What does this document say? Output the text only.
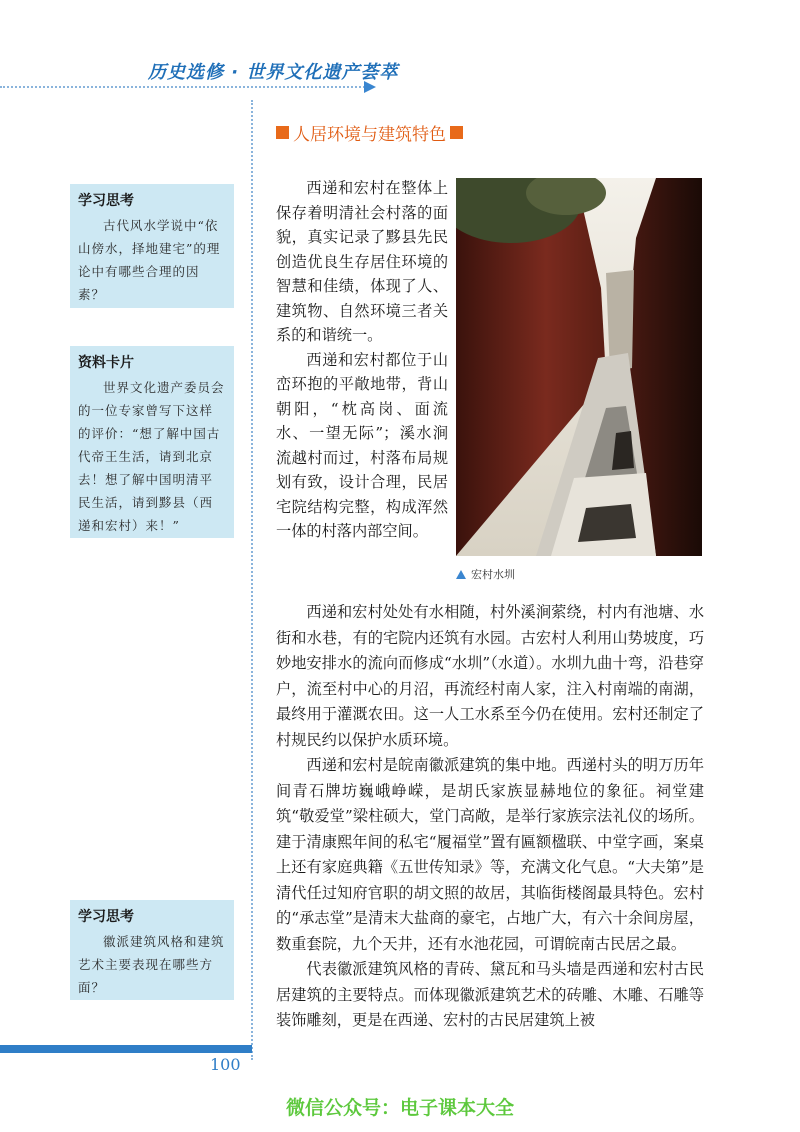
历史选修 · 世界文化遗产荟萃
人居环境与建筑特色
学习思考
古代风水学说中“依山傍水，择地建宅”的理论中有哪些合理的因素？
资料卡片
世界文化遗产委员会的一位专家曾写下这样的评价：“想了解中国古代帝王生活，请到北京去！想了解中国明清平民生活，请到黟县（西递和宏村）来！”
学习思考
徽派建筑风格和建筑艺术主要表现在哪些方面？
宏村水圳

西递和宏村在整体上保存着明清社会村落的面貌，真实记录了黟县先民创造优良生存居住环境的智慧和佳绩，体现了人、建筑物、自然环境三者关系的和谐统一。

西递和宏村都位于山峦环抱的平敞地带，背山朝阳，“枕高岗、面流水、一望无际”；溪水涧流越村而过，村落布局规划有致，设计合理，民居宅院结构完整，构成浑然一体的村落内部空间。

西递和宏村处处有水相随，村外溪涧萦绕，村内有池塘、水街和水巷，有的宅院内还筑有水园。古宏村人利用山势坡度，巧妙地安排水的流向而修成“水圳”（水道）。水圳九曲十弯，沿巷穿户，流至村中心的月沼，再流经村南人家，注入村南端的南湖，最终用于灌溉农田。这一人工水系至今仍在使用。宏村还制定了村规民约以保护水质环境。

西递和宏村是皖南徽派建筑的集中地。西递村头的明万历年间青石牌坊巍峨峥嵘，是胡氏家族显赫地位的象征。祠堂建筑“敬爱堂”梁柱硕大，堂门高敞，是举行家族宗法礼仪的场所。建于清康熙年间的私宅“履福堂”置有匾额楹联、中堂字画，案桌上还有家庭典籍《五世传知录》等，充满文化气息。“大夫第”是清代任过知府官职的胡文照的故居，其临街楼阁最具特色。宏村的“承志堂”是清末大盐商的豪宅，占地广大，有六十余间房屋，数重套院，九个天井，还有水池花园，可谓皖南古民居之最。

代表徽派建筑风格的青砖、黛瓦和马头墙是西递和宏村古民居建筑的主要特点。而体现徽派建筑艺术的砖雕、木雕、石雕等装饰雕刻，更是在西递、宏村的古民居建筑上被

100
微信公众号：电子课本大全
